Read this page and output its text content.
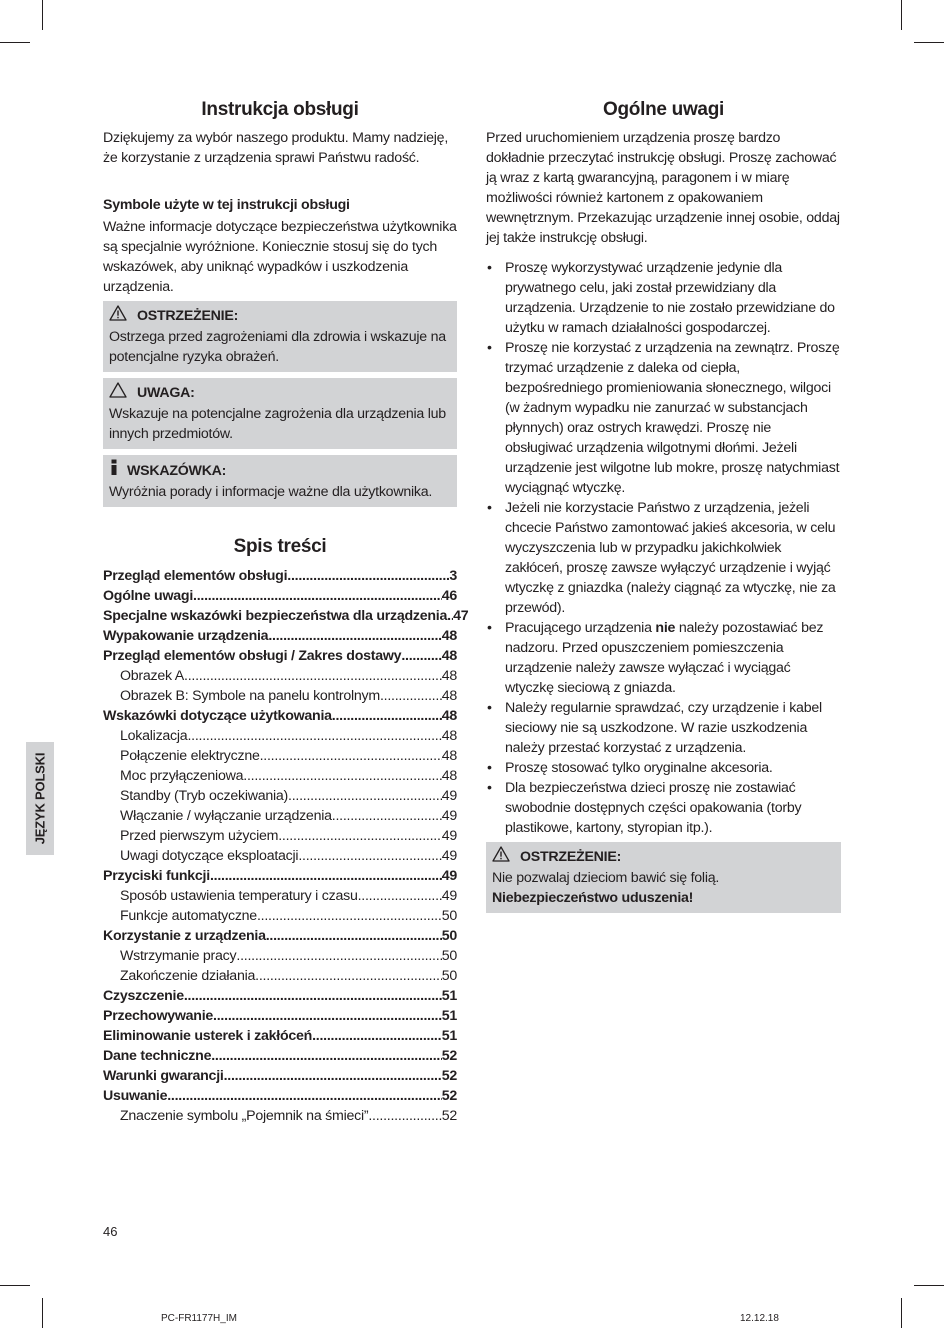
Instrukcja obsługi

Dziękujemy za wybór naszego produktu. Mamy nadzieję, że korzystanie z urządzenia sprawi Państwu radość.

Symbole użyte w tej instrukcji obsługi

Ważne informacje dotyczące bezpieczeństwa użytkownika są specjalnie wyróżnione. Koniecznie stosuj się do tych wskazówek, aby uniknąć wypadków i uszkodzenia urządzenia.

OSTRZEŻENIE:

Ostrzega przed zagrożeniami dla zdrowia i wskazuje na potencjalne ryzyka obrażeń.

UWAGA:

Wskazuje na potencjalne zagrożenia dla urządzenia lub innych przedmiotów.

WSKAZÓWKA:

Wyróżnia porady i informacje ważne dla użytkownika.

Spis treści
Przegląd elementów obsługi .....	3
Ogólne uwagi .....	46
Specjalne wskazówki bezpieczeństwa dla urządzenia ..... 47
Wypakowanie urządzenia .....	48
Przegląd elementów obsługi / Zakres dostawy .....	48
Obrazek A .....	48
Obrazek B: Symbole na panelu kontrolnym .....	48
Wskazówki dotyczące użytkowania .....	48
Lokalizacja .....	48
Połączenie elektryczne .....	48
Moc przyłączeniowa .....	48
Standby (Tryb oczekiwania) .....	49
Włączanie / wyłączanie urządzenia .....	49
Przed pierwszym użyciem .....	49
Uwagi dotyczące eksploatacji .....	49
Przyciski funkcji .....	49
Sposób ustawienia temperatury i czasu .....	49
Funkcje automatyczne .....	50
Korzystanie z urządzenia .....	50
Wstrzymanie pracy .....	50
Zakończenie działania .....	50
Czyszczenie .....	51
Przechowywanie .....	51
Eliminowanie usterek i zakłóceń .....	51
Dane techniczne .....	52
Warunki gwarancji .....	52
Usuwanie .....	52
Znaczenie symbolu „Pojemnik na śmieci” .....	52
Ogólne uwagi

Przed uruchomieniem urządzenia proszę bardzo dokładnie przeczytać instrukcję obsługi. Proszę zachować ją wraz z kartą gwarancyjną, paragonem i w miarę możliwości również kartonem z opakowaniem wewnętrznym. Przekazując urządzenie innej osobie, oddaj jej także instrukcję obsługi.

• Proszę wykorzystywać urządzenie jedynie dla prywatnego celu, jaki został przewidziany dla urządzenia. Urządzenie to nie zostało przewidziane do użytku w ramach działalności gospodarczej.
• Proszę nie korzystać z urządzenia na zewnątrz. Proszę trzymać urządzenie z daleka od ciepła, bezpośredniego promieniowania słonecznego, wilgoci (w żadnym wypadku nie zanurzać w substancjach płynnych) oraz ostrych krawędzi. Proszę nie obsługiwać urządzenia wilgotnymi dłońmi. Jeżeli urządzenie jest wilgotne lub mokre, proszę natychmiast wyciągnąć wtyczkę.
• Jeżeli nie korzystacie Państwo z urządzenia, jeżeli chcecie Państwo zamontować jakieś akcesoria, w celu wyczyszczenia lub w przypadku jakichkolwiek zakłóceń, proszę zawsze wyłączyć urządzenie i wyjąć wtyczkę z gniazdka (należy ciągnąć za wtyczkę, nie za przewód).
• Pracującego urządzenia nie należy pozostawiać bez nadzoru. Przed opuszczeniem pomieszczenia urządzenie należy zawsze wyłączać i wyciągać wtyczkę sieciową z gniazda.
• Należy regularnie sprawdzać, czy urządzenie i kabel sieciowy nie są uszkodzone. W razie uszkodzenia należy przestać korzystać z urządzenia.
• Proszę stosować tylko oryginalne akcesoria.
• Dla bezpieczeństwa dzieci proszę nie zostawiać swobodnie dostępnych części opakowania (torby plastikowe, kartony, styropian itp.).
OSTRZEŻENIE:

Nie pozwalaj dzieciom bawić się folią. Niebezpieczeństwo uduszenia!

JĘZYK POLSKI
46
PC-FR1177H_IM	12.12.18
